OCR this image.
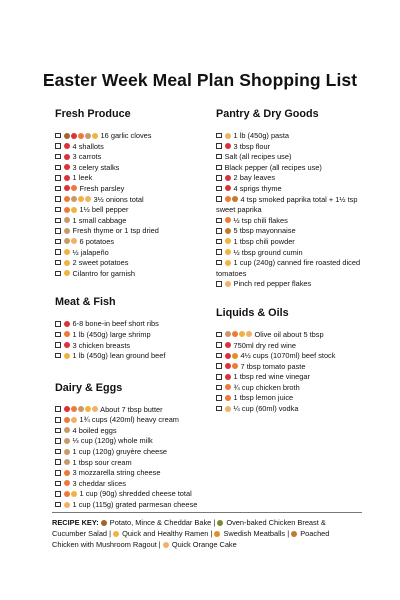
Easter Week Meal Plan Shopping List
Fresh Produce
16 garlic cloves
4 shallots
3 carrots
3 celery stalks
1 leek
Fresh parsley
3½ onions total
1½ bell pepper
1 small cabbage
Fresh thyme or 1 tsp dried
6 potatoes
½ jalapeño
2 sweet potatoes
Cilantro for garnish
Meat & Fish
6-8 bone-in beef short ribs
1 lb (450g) large shrimp
3 chicken breasts
1 lb (450g) lean ground beef
Dairy & Eggs
About 7 tbsp butter
1¾ cups (420ml) heavy cream
4 boiled eggs
⅓ cup (120g) whole milk
1 cup (120g) gruyère cheese
1 tbsp sour cream
3 mozzarella string cheese
3 cheddar slices
1 cup (90g) shredded cheese total
1 cup (115g) grated parmesan cheese
Pantry & Dry Goods
1 lb (450g) pasta
3 tbsp flour
Salt (all recipes use)
Black pepper (all recipes use)
2 bay leaves
4 sprigs thyme
4 tsp smoked paprika total + 1½ tsp sweet paprika
½ tsp chili flakes
5 tbsp mayonnaise
1 tbsp chili powder
½ tbsp ground cumin
1 cup (240g) canned fire roasted diced tomatoes
Pinch red pepper flakes
Liquids & Oils
Olive oil about 5 tbsp
750ml dry red wine
4½ cups (1070ml) beef stock
7 tbsp tomato paste
1 tbsp red wine vinegar
¾ cup chicken broth
1 tbsp lemon juice
¼ cup (60ml) vodka
RECIPE KEY:  Potato, Mince & Cheddar Bake |  Oven-baked Chicken Breast & Cucumber Salad |  Quick and Healthy Ramen |  Swedish Meatballs |  Poached Chicken with Mushroom Ragout |  Quick Orange Cake
